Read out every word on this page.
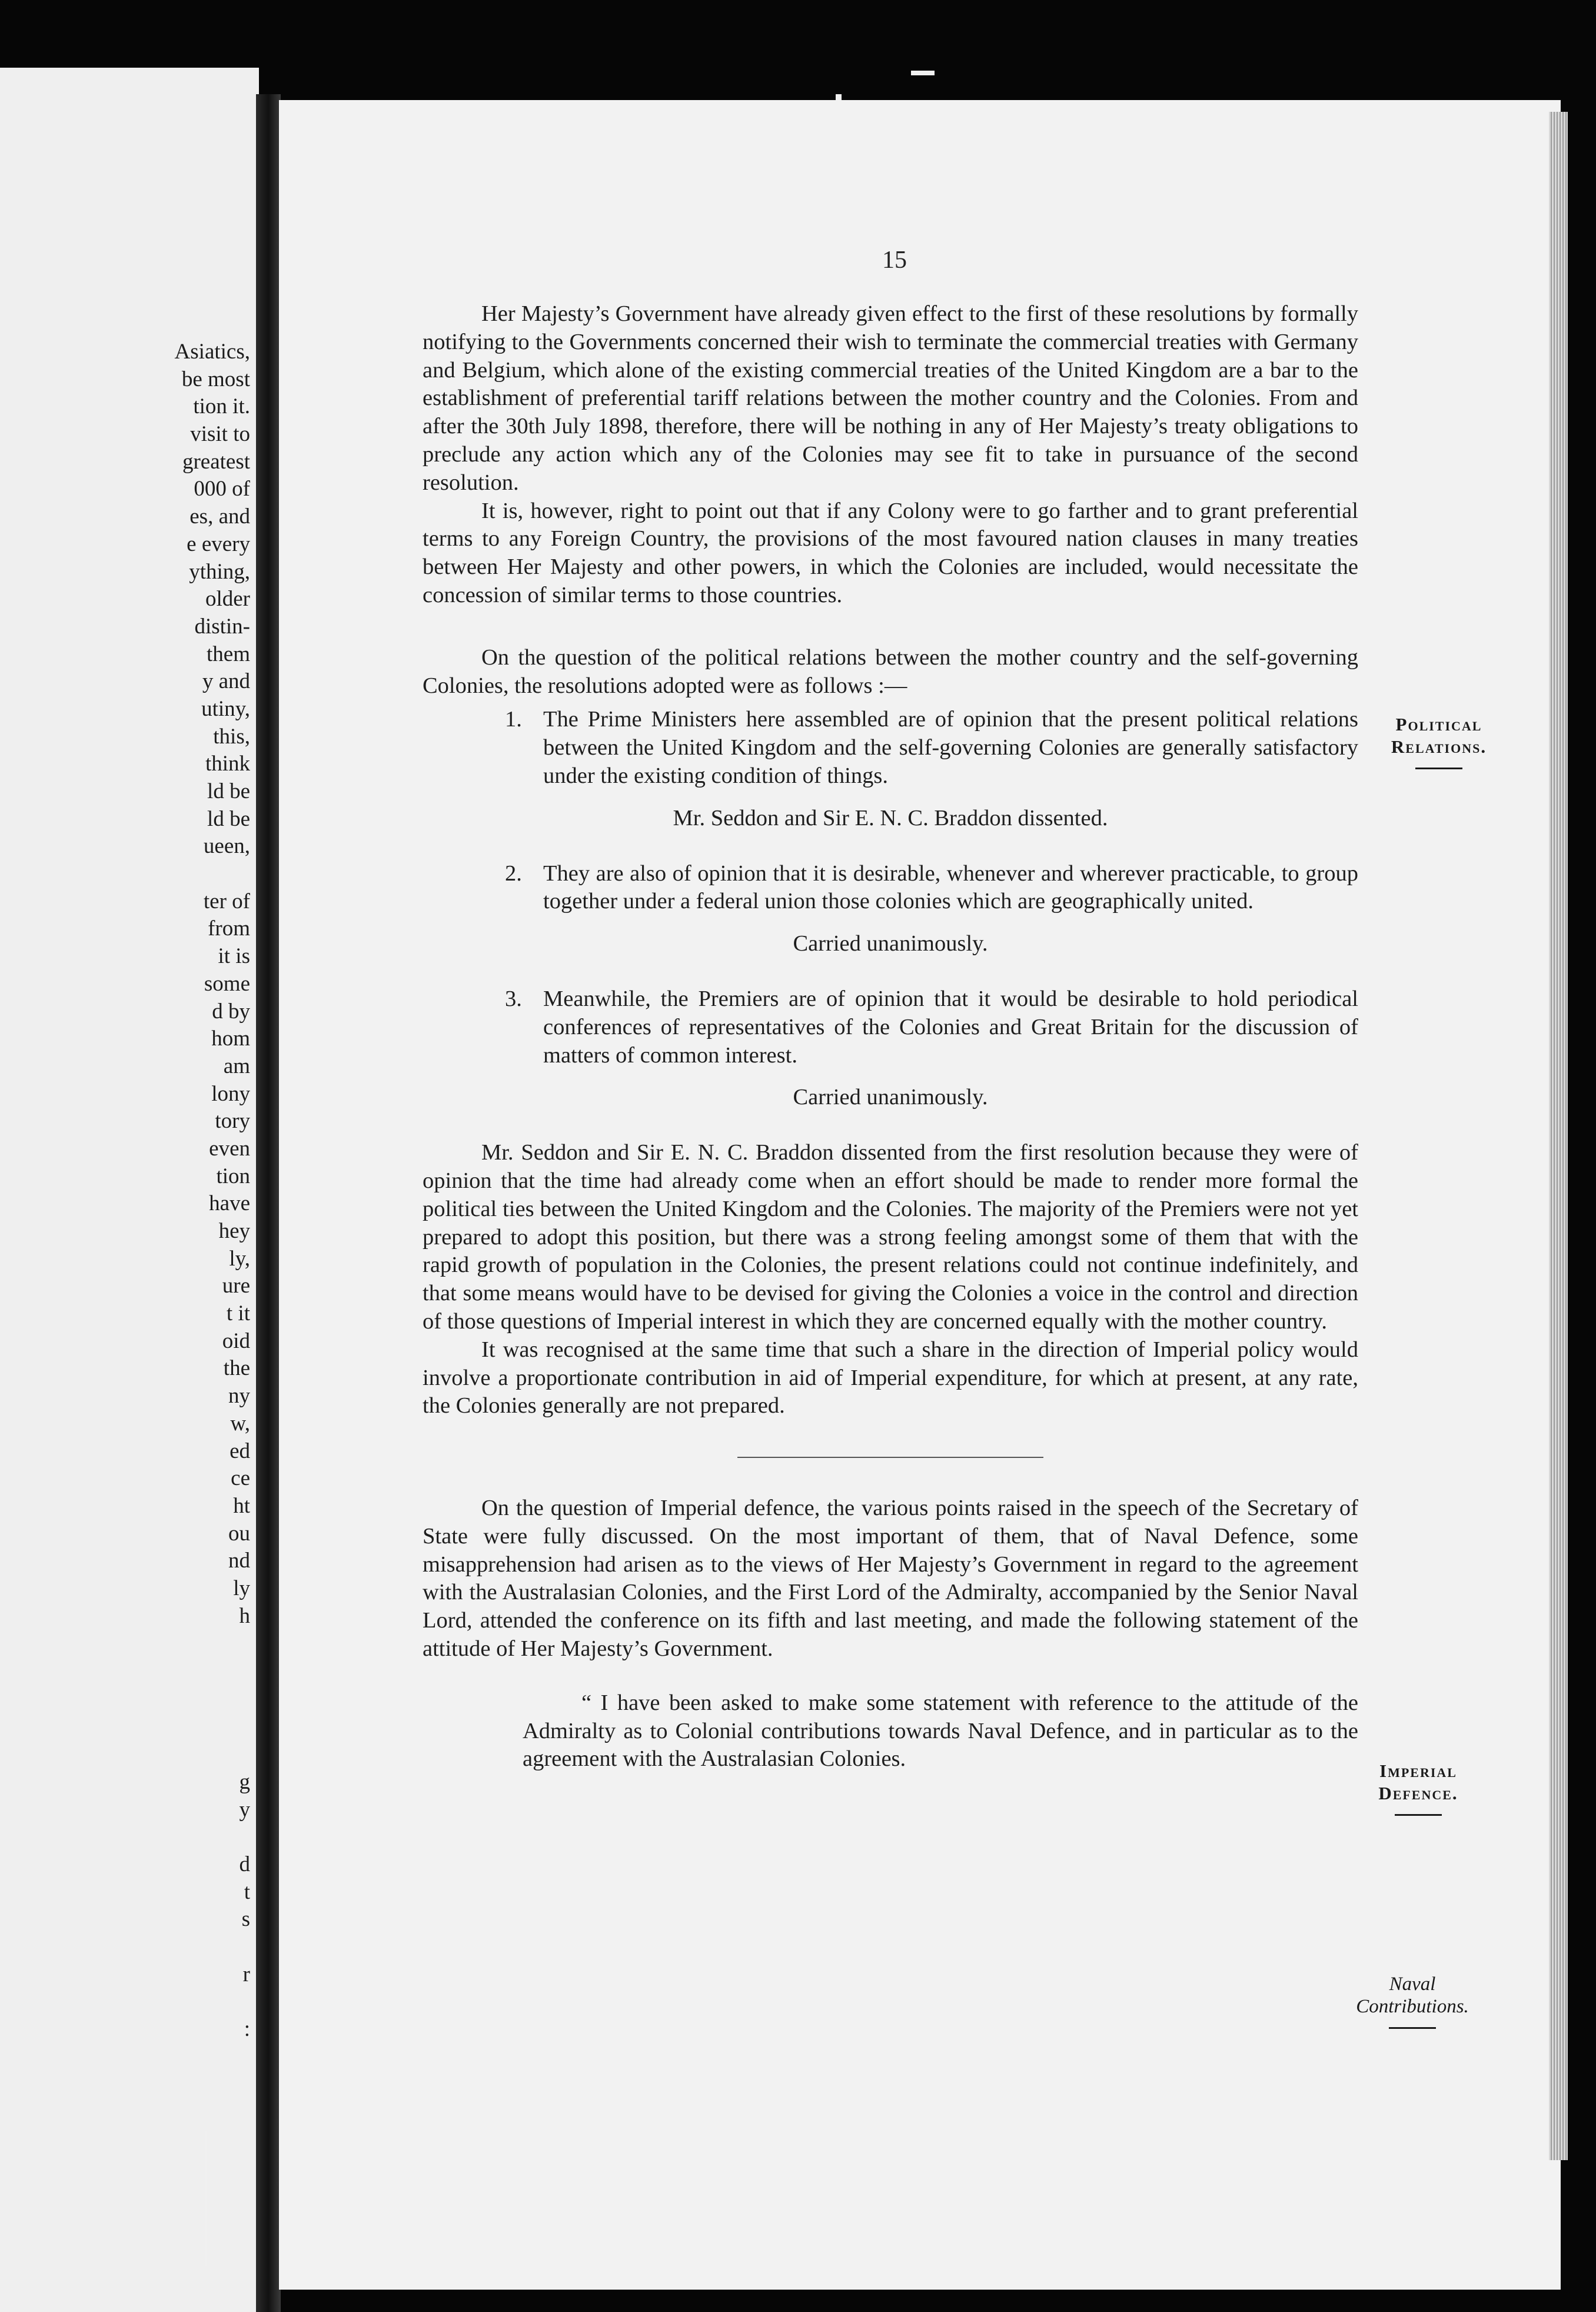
Asiatics,
be most
tion it.
visit to
greatest
000 of
es, and
e every
ything,
older
distin-
them
y and
utiny,
this,
think
ld be
ld be
ueen,
ter of
from
it is
some
d by
hom
am
lony
tory
even
tion
have
hey
ly,
ure
t it
oid
the
ny
w,
ed
ce
ht
ou
nd
ly
h
g
y
d
t
s
r
:
15

Her Majesty’s Government have already given effect to the first of these resolutions by formally notifying to the Governments concerned their wish to terminate the commercial treaties with Germany and Belgium, which alone of the existing commercial treaties of the United Kingdom are a bar to the establishment of preferential tariff relations between the mother country and the Colonies. From and after the 30th July 1898, therefore, there will be nothing in any of Her Majesty’s treaty obligations to preclude any action which any of the Colonies may see fit to take in pursuance of the second resolution.

It is, however, right to point out that if any Colony were to go farther and to grant preferential terms to any Foreign Country, the provisions of the most favoured nation clauses in many treaties between Her Majesty and other powers, in which the Colonies are included, would necessitate the concession of similar terms to those countries.

On the question of the political relations between the mother country and the self-governing Colonies, the resolutions adopted were as follows :—

1. The Prime Ministers here assembled are of opinion that the present political relations between the United Kingdom and the self-governing Colonies are generally satisfactory under the existing condition of things.
Mr. Seddon and Sir E. N. C. Braddon dissented.
2. They are also of opinion that it is desirable, whenever and wherever practicable, to group together under a federal union those colonies which are geographically united.
Carried unanimously.
3. Meanwhile, the Premiers are of opinion that it would be desirable to hold periodical conferences of representatives of the Colonies and Great Britain for the discussion of matters of common interest.
Carried unanimously.

Mr. Seddon and Sir E. N. C. Braddon dissented from the first resolution because they were of opinion that the time had already come when an effort should be made to render more formal the political ties between the United Kingdom and the Colonies. The majority of the Premiers were not yet prepared to adopt this position, but there was a strong feeling amongst some of them that with the rapid growth of population in the Colonies, the present relations could not continue indefinitely, and that some means would have to be devised for giving the Colonies a voice in the control and direction of those questions of Imperial interest in which they are concerned equally with the mother country.

It was recognised at the same time that such a share in the direction of Imperial policy would involve a proportionate contribution in aid of Imperial expenditure, for which at present, at any rate, the Colonies generally are not prepared.

On the question of Imperial defence, the various points raised in the speech of the Secretary of State were fully discussed. On the most important of them, that of Naval Defence, some misapprehension had arisen as to the views of Her Majesty’s Government in regard to the agreement with the Australasian Colonies, and the First Lord of the Admiralty, accompanied by the Senior Naval Lord, attended the conference on its fifth and last meeting, and made the following statement of the attitude of Her Majesty’s Government.

“ I have been asked to make some statement with reference to the attitude of the Admiralty as to Colonial contributions towards Naval Defence, and in particular as to the agreement with the Australasian Colonies.
Political
Relations.
Imperial
Defence.
Naval
Contributions.
